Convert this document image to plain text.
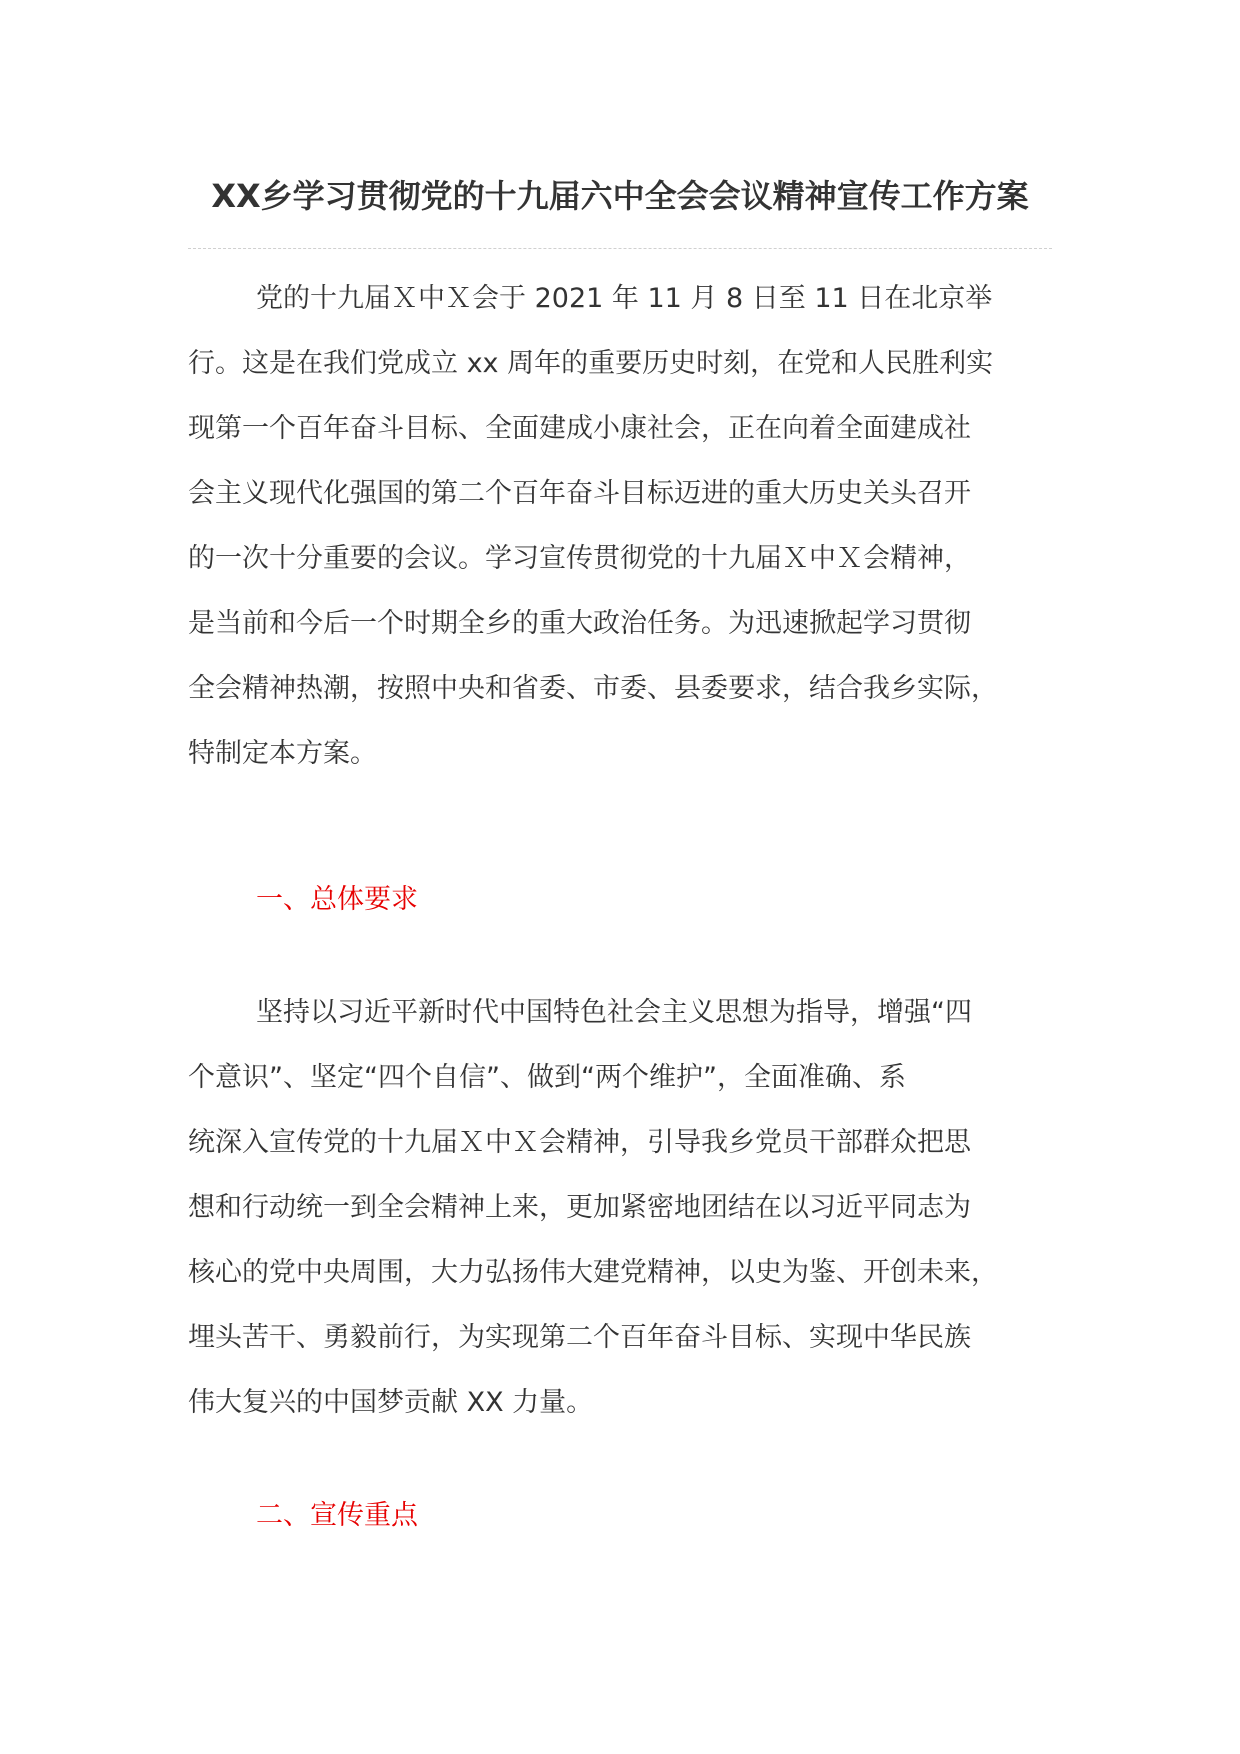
XX乡学习贯彻党的十九届六中全会会议精神宣传工作方案

党的十九届Ｘ中Ｘ会于 2021 年 11 月 8 日至 11 日在北京举
行。这是在我们党成立 xx 周年的重要历史时刻，在党和人民胜利实
现第一个百年奋斗目标、全面建成小康社会，正在向着全面建成社
会主义现代化强国的第二个百年奋斗目标迈进的重大历史关头召开
的一次十分重要的会议。学习宣传贯彻党的十九届Ｘ中Ｘ会精神，
是当前和今后一个时期全乡的重大政治任务。为迅速掀起学习贯彻
全会精神热潮，按照中央和省委、市委、县委要求，结合我乡实际，
特制定本方案。

一、总体要求

坚持以习近平新时代中国特色社会主义思想为指导，增强“四
个意识”、坚定“四个自信”、做到“两个维护”，全面准确、系
统深入宣传党的十九届Ｘ中Ｘ会精神，引导我乡党员干部群众把思
想和行动统一到全会精神上来，更加紧密地团结在以习近平同志为
核心的党中央周围，大力弘扬伟大建党精神，以史为鉴、开创未来，
埋头苦干、勇毅前行，为实现第二个百年奋斗目标、实现中华民族
伟大复兴的中国梦贡献 XX 力量。

二、宣传重点
